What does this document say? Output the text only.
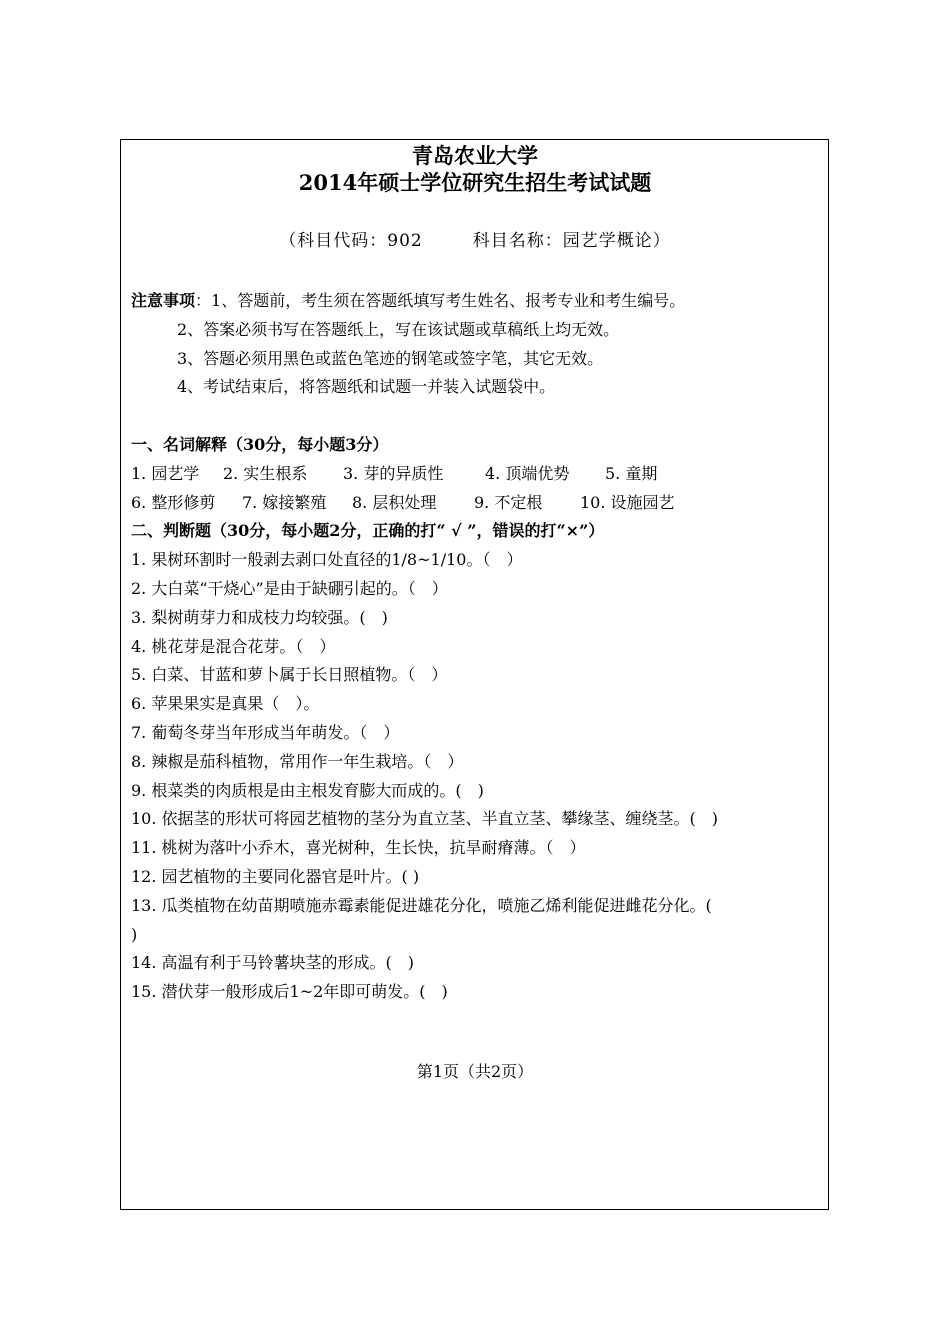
青岛农业大学
2014年硕士学位研究生招生考试试题
（科目代码：902	科目名称：园艺学概论）
注意事项：1、答题前，考生须在答题纸填写考生姓名、报考专业和考生编号。
2、答案必须书写在答题纸上，写在该试题或草稿纸上均无效。
3、答题必须用黑色或蓝色笔迹的钢笔或签字笔，其它无效。
4、考试结束后，将答题纸和试题一并装入试题袋中。
一、名词解释（30分，每小题3分）
1. 园艺学 2. 实生根系 3. 芽的异质性	4. 顶端优势 5. 童期
6. 整形修剪 7. 嫁接繁殖 8. 层积处理 9. 不定根 10. 设施园艺
二、判断题（30分，每小题2分，正确的打“ √ ”，错误的打“×”）
1. 果树环割时一般剥去剥口处直径的1/8~1/10。（　）
2. 大白菜“干烧心”是由于缺硼引起的。（　）
3. 梨树萌芽力和成枝力均较强。(　)
4. 桃花芽是混合花芽。（　）
5. 白菜、甘蓝和萝卜属于长日照植物。（　）
6. 苹果果实是真果（　）。
7. 葡萄冬芽当年形成当年萌发。（　）
8. 辣椒是茄科植物，常用作一年生栽培。（　）
9. 根菜类的肉质根是由主根发育膨大而成的。(　)
10. 依据茎的形状可将园艺植物的茎分为直立茎、半直立茎、攀缘茎、缠绕茎。(　)
11. 桃树为落叶小乔木，喜光树种，生长快，抗旱耐瘠薄。（　）
12. 园艺植物的主要同化器官是叶片。( )
13. 瓜类植物在幼苗期喷施赤霉素能促进雄花分化，喷施乙烯利能促进雌花分化。(
)
14. 高温有利于马铃薯块茎的形成。(　)
15. 潜伏芽一般形成后1~2年即可萌发。(　)
第1页（共2页）
